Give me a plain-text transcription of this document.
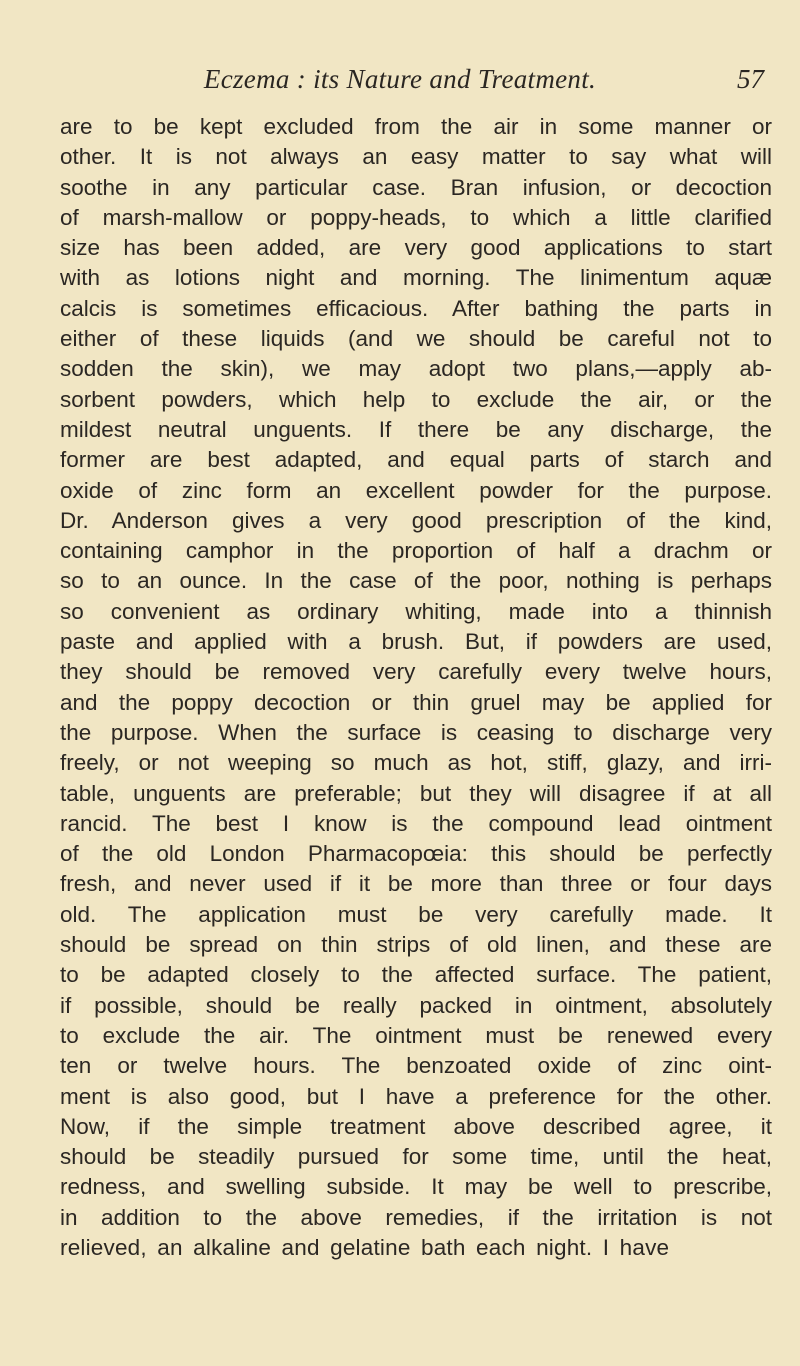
Eczema : its Nature and Treatment.	57
are to be kept excluded from the air in some manner or
other. It is not always an easy matter to say what will
soothe in any particular case. Bran infusion, or decoction
of marsh-mallow or poppy-heads, to which a little clarified
size has been added, are very good applications to start
with as lotions night and morning. The linimentum aquæ
calcis is sometimes efficacious. After bathing the parts in
either of these liquids (and we should be careful not to
sodden the skin), we may adopt two plans,—apply ab-
sorbent powders, which help to exclude the air, or the
mildest neutral unguents. If there be any discharge, the
former are best adapted, and equal parts of starch and
oxide of zinc form an excellent powder for the purpose.
Dr. Anderson gives a very good prescription of the kind,
containing camphor in the proportion of half a drachm or
so to an ounce. In the case of the poor, nothing is perhaps
so convenient as ordinary whiting, made into a thinnish
paste and applied with a brush. But, if powders are used,
they should be removed very carefully every twelve hours,
and the poppy decoction or thin gruel may be applied for
the purpose. When the surface is ceasing to discharge very
freely, or not weeping so much as hot, stiff, glazy, and irri-
table, unguents are preferable; but they will disagree if at all
rancid. The best I know is the compound lead ointment
of the old London Pharmacopœia: this should be perfectly
fresh, and never used if it be more than three or four days
old. The application must be very carefully made. It
should be spread on thin strips of old linen, and these are
to be adapted closely to the affected surface. The patient,
if possible, should be really packed in ointment, absolutely
to exclude the air. The ointment must be renewed every
ten or twelve hours. The benzoated oxide of zinc oint-
ment is also good, but I have a preference for the other.
Now, if the simple treatment above described agree, it
should be steadily pursued for some time, until the heat,
redness, and swelling subside. It may be well to prescribe,
in addition to the above remedies, if the irritation is not
relieved, an alkaline and gelatine bath each night. I have
